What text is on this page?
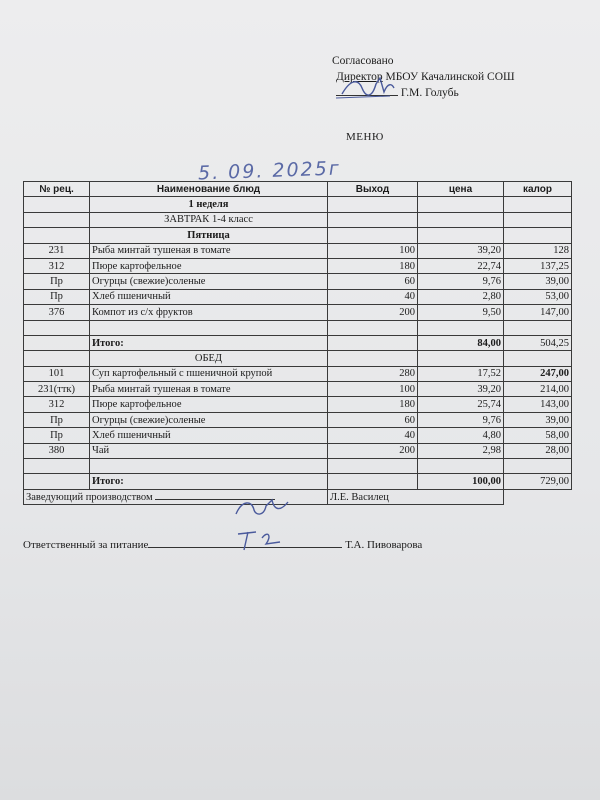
Согласовано
Директор МБОУ Качалинской СОШ
Г.М. Голубь
МЕНЮ
5. 09. 2025г
№ рец.	Наименование блюд	Выход	цена	калор
	1 неделя			
	ЗАВТРАК 1-4 класс			
	Пятница			
231	Рыба минтай тушеная в томате	100	39,20	128
312	Пюре картофельное	180	22,74	137,25
Пр	Огурцы (свежие)соленые	60	9,76	39,00
Пр	Хлеб пшеничный	40	2,80	53,00
376	Компот из с/х фруктов	200	9,50	147,00

	Итого:		84,00	504,25
	ОБЕД			
101	Суп картофельный с пшеничной крупой	280	17,52	247,00
231(ттк)	Рыба минтай тушеная в томате	100	39,20	214,00
312	Пюре картофельное	180	25,74	143,00
Пр	Огурцы (свежие)соленые	60	9,76	39,00
Пр	Хлеб пшеничный	40	4,80	58,00
380	Чай	200	2,98	28,00

	Итого:		100,00	729,00
Заведующий производством		Л.Е. Василец		
Ответственный за питание	Т.А. Пивоварова
